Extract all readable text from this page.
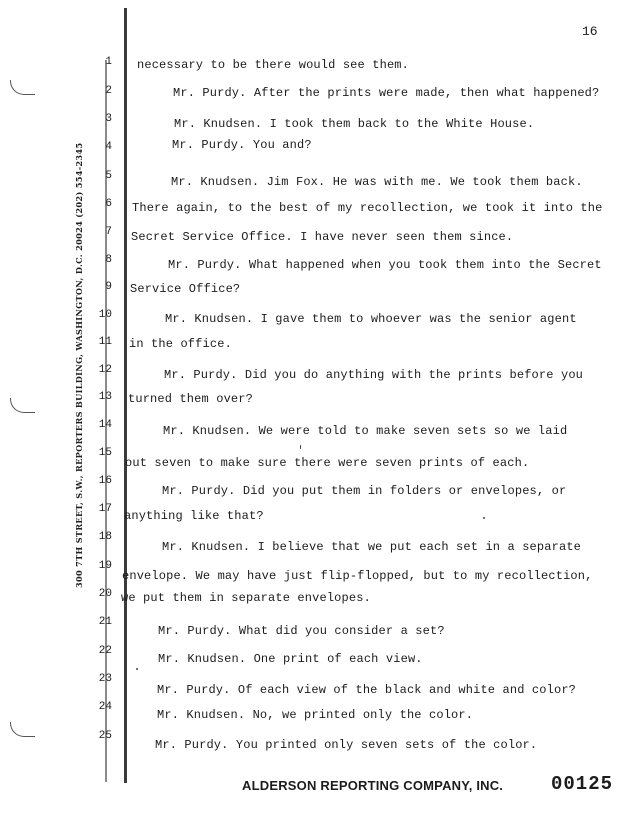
16
300 7TH STREET, S.W., REPORTERS BUILDING, WASHINGTON, D.C. 20024 (202) 554-2345
1 necessary to be there would see them.
2	Mr. Purdy. After the prints were made, then what happened?
3	Mr. Knudsen. I took them back to the White House.
4	Mr. Purdy. You and?
5	Mr. Knudsen. Jim Fox. He was with me. We took them back.
6 There again, to the best of my recollection, we took it into the
7 Secret Service Office. I have never seen them since.
8	Mr. Purdy. What happened when you took them into the Secret
9 Service Office?
10	Mr. Knudsen. I gave them to whoever was the senior agent
11 in the office.
12	Mr. Purdy. Did you do anything with the prints before you
13 turned them over?
14	Mr. Knudsen. We were told to make seven sets so we laid
15
out seven to make sure there were seven prints of each.
16
Mr. Purdy. Did you put them in folders or envelopes, or
17 anything like that?
18
Mr. Knudsen. I believe that we put each set in a separate
19
envelope. We may have just flip-flopped, but to my recollection,
20 we put them in separate envelopes.
21
Mr. Purdy. What did you consider a set?
22
Mr. Knudsen. One print of each view.
23
Mr. Purdy. Of each view of the black and white and color?
24
Mr. Knudsen. No, we printed only the color.
25
Mr. Purdy. You printed only seven sets of the color.
ALDERSON REPORTING COMPANY, INC.	00125
